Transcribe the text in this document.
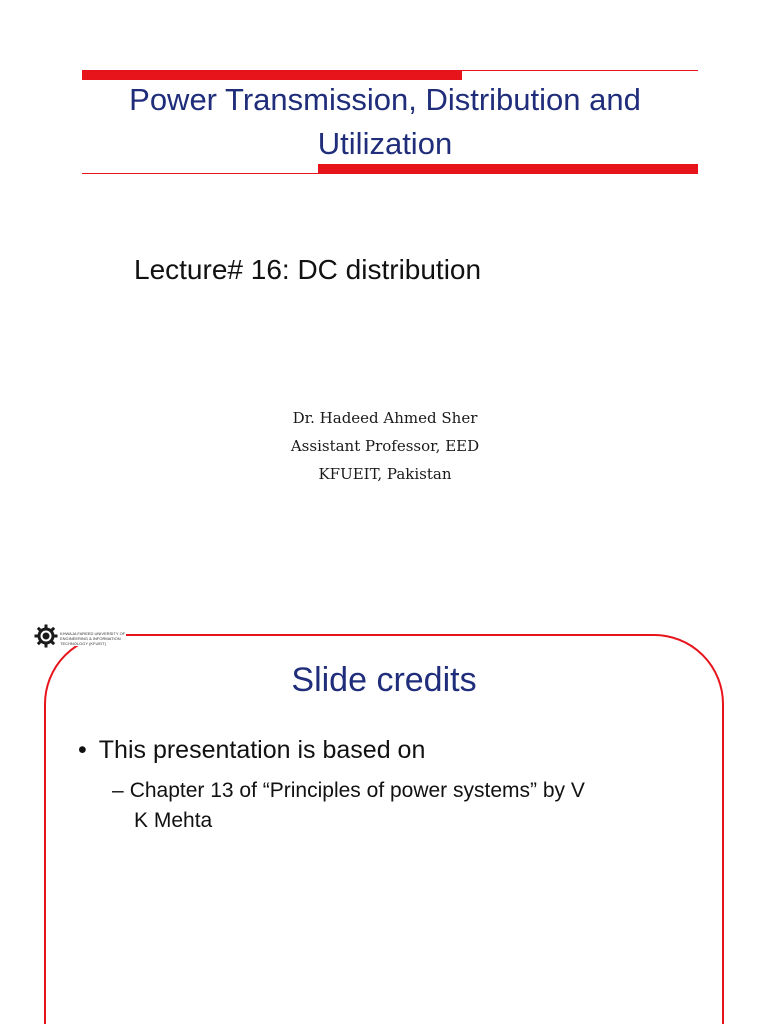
Power Transmission, Distribution and
Utilization
Lecture# 16: DC distribution
Dr. Hadeed Ahmed Sher
Assistant Professor, EED
KFUEIT, Pakistan
KHWAJA FAREED UNIVERSITY OF ENGINEERING & INFORMATION TECHNOLOGY (KFUEIT)
Slide credits
• This presentation is based on
– Chapter 13 of “Principles of power systems” by V
K Mehta
